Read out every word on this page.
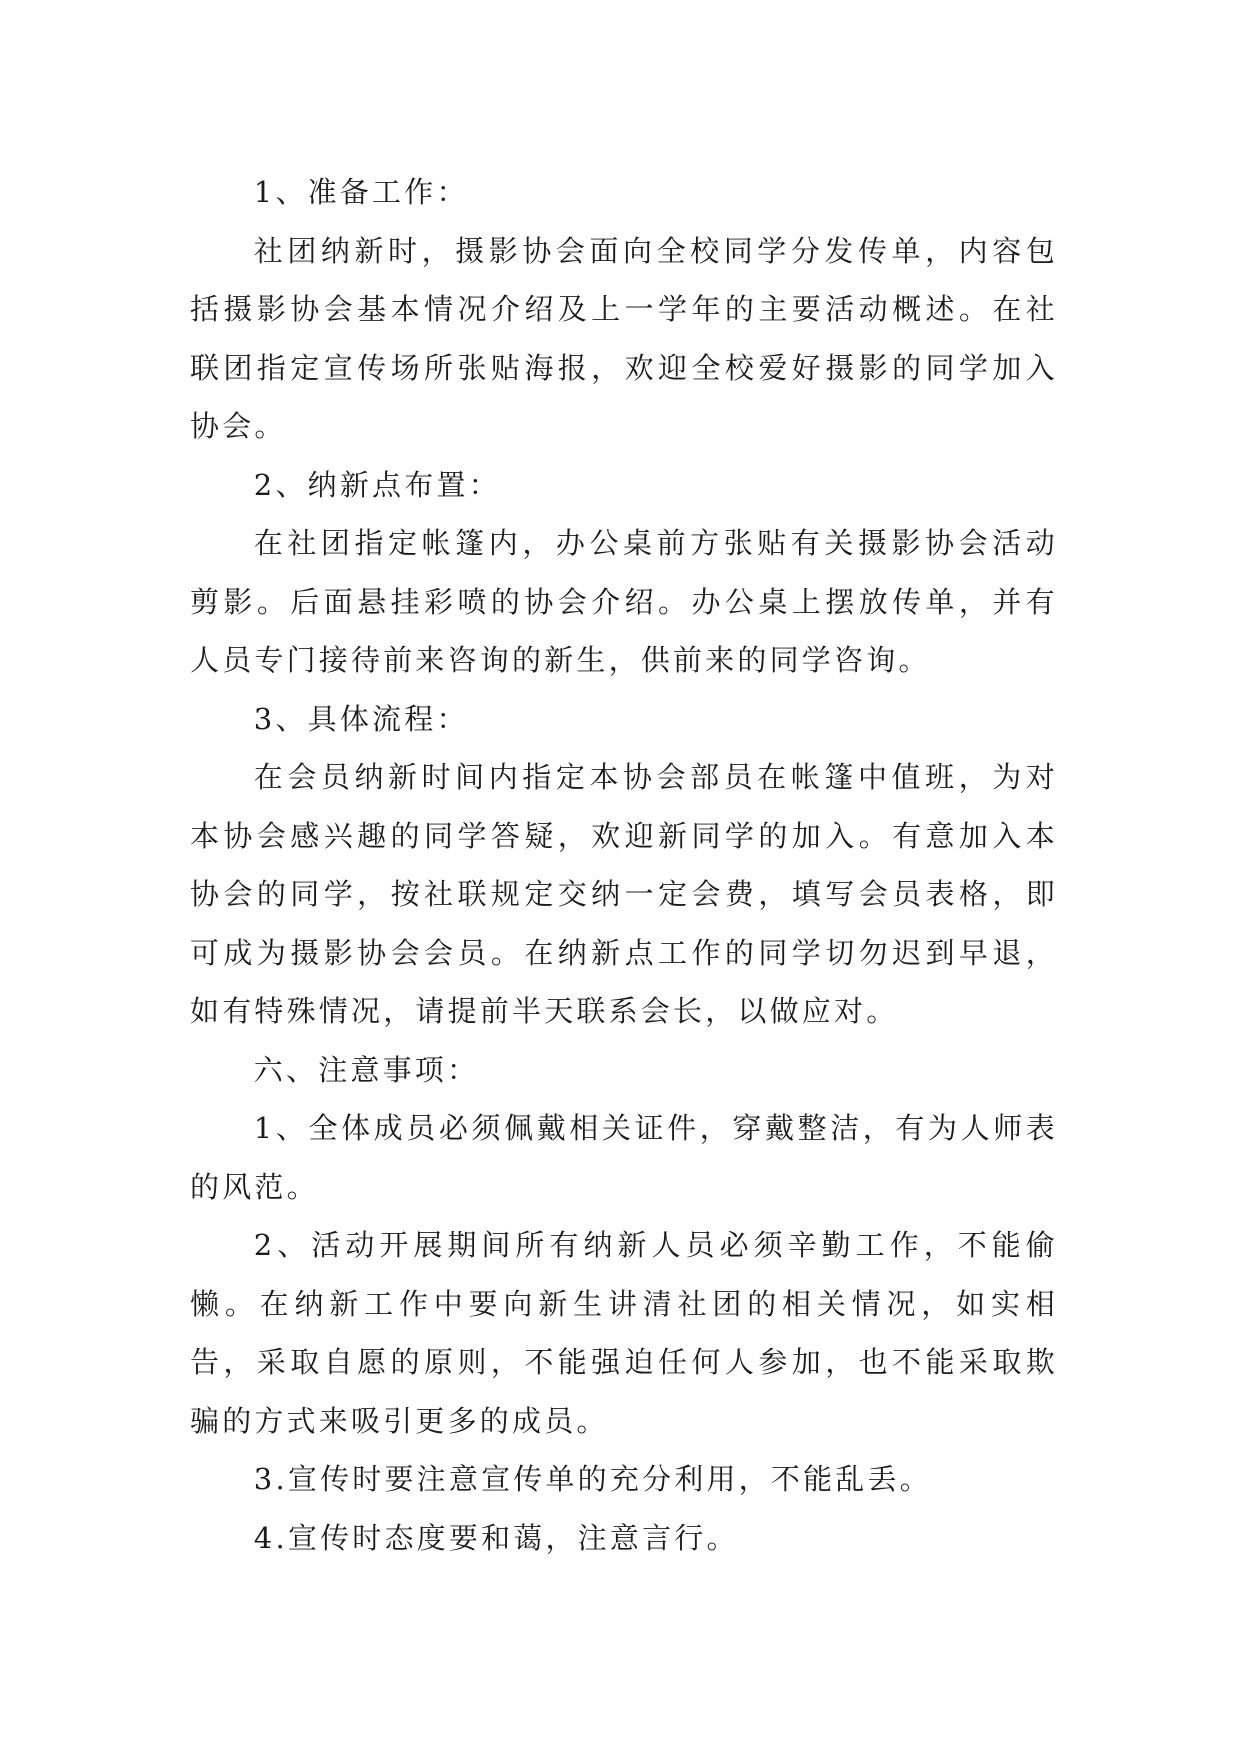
1、准备工作：

社团纳新时，摄影协会面向全校同学分发传单，内容包括摄影协会基本情况介绍及上一学年的主要活动概述。在社联团指定宣传场所张贴海报，欢迎全校爱好摄影的同学加入协会。

2、纳新点布置：

在社团指定帐篷内，办公桌前方张贴有关摄影协会活动剪影。后面悬挂彩喷的协会介绍。办公桌上摆放传单，并有人员专门接待前来咨询的新生，供前来的同学咨询。

3、具体流程：

在会员纳新时间内指定本协会部员在帐篷中值班，为对本协会感兴趣的同学答疑，欢迎新同学的加入。有意加入本协会的同学，按社联规定交纳一定会费，填写会员表格，即可成为摄影协会会员。在纳新点工作的同学切勿迟到早退，如有特殊情况，请提前半天联系会长，以做应对。

六、注意事项：

1、全体成员必须佩戴相关证件，穿戴整洁，有为人师表的风范。

2、活动开展期间所有纳新人员必须辛勤工作，不能偷懒。在纳新工作中要向新生讲清社团的相关情况，如实相告，采取自愿的原则，不能强迫任何人参加，也不能采取欺骗的方式来吸引更多的成员。

3.宣传时要注意宣传单的充分利用，不能乱丢。

4.宣传时态度要和蔼，注意言行。
